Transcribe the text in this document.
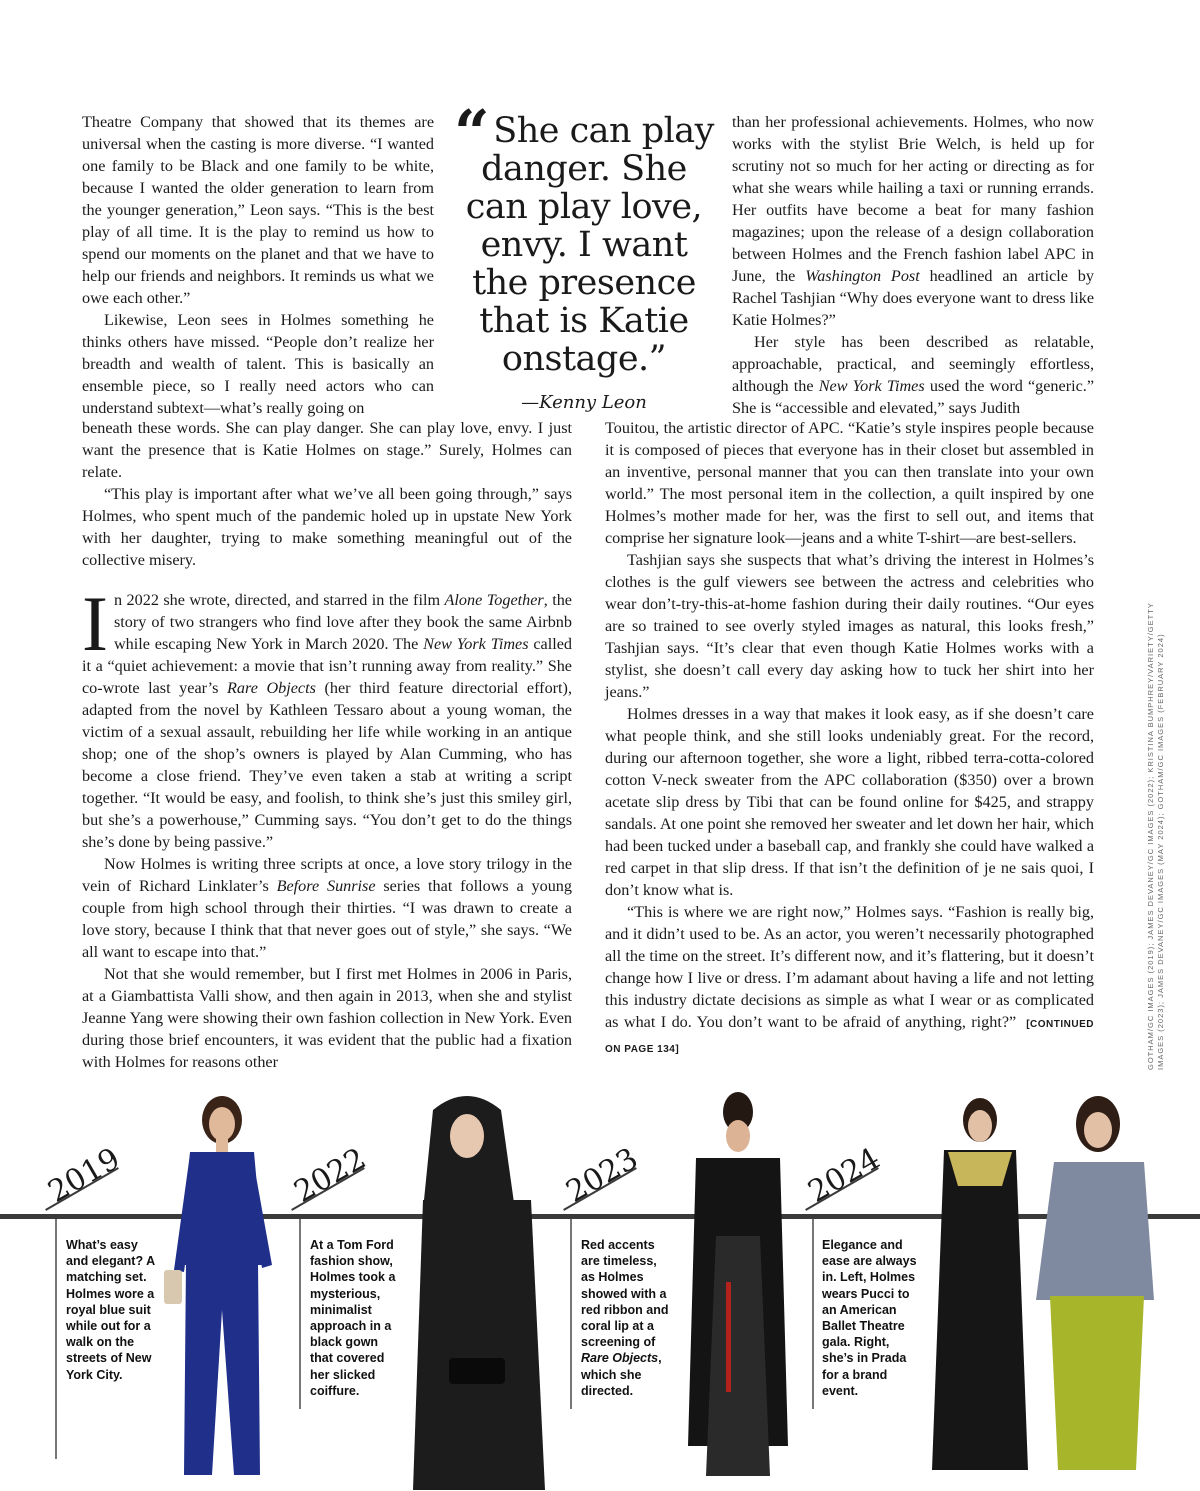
Theatre Company that showed that its themes are universal when the casting is more diverse. “I wanted one family to be Black and one family to be white, because I wanted the older generation to learn from the younger generation,” Leon says. “This is the best play of all time. It is the play to remind us how to spend our moments on the planet and that we have to help our friends and neighbors. It reminds us what we owe each other.”

Likewise, Leon sees in Holmes something he thinks others have missed. “People don’t realize her breadth and wealth of talent. This is basically an ensemble piece, so I really need actors who can understand subtext—what’s really going on

“ She can play danger. She can play love, envy. I want the presence that is Katie onstage.”
—Kenny Leon

beneath these words. She can play danger. She can play love, envy. I just want the presence that is Katie Holmes on stage.” Surely, Holmes can relate.

“This play is important after what we’ve all been going through,” says Holmes, who spent much of the pandemic holed up in upstate New York with her daughter, trying to make something meaningful out of the collective misery.

In 2022 she wrote, directed, and starred in the film Alone Together, the story of two strangers who find love after they book the same Airbnb while escaping New York in March 2020. The New York Times called it a “quiet achievement: a movie that isn’t running away from reality.” She co-wrote last year’s Rare Objects (her third feature directorial effort), adapted from the novel by Kathleen Tessaro about a young woman, the victim of a sexual assault, rebuilding her life while working in an antique shop; one of the shop’s owners is played by Alan Cumming, who has become a close friend. They’ve even taken a stab at writing a script together. “It would be easy, and foolish, to think she’s just this smiley girl, but she’s a powerhouse,” Cumming says. “You don’t get to do the things she’s done by being passive.”

Now Holmes is writing three scripts at once, a love story trilogy in the vein of Richard Linklater’s Before Sunrise series that follows a young couple from high school through their thirties. “I was drawn to create a love story, because I think that that never goes out of style,” she says. “We all want to escape into that.”

Not that she would remember, but I first met Holmes in 2006 in Paris, at a Giambattista Valli show, and then again in 2013, when she and stylist Jeanne Yang were showing their own fashion collection in New York. Even during those brief encounters, it was evident that the public had a fixation with Holmes for reasons other

than her professional achievements. Holmes, who now works with the stylist Brie Welch, is held up for scrutiny not so much for her acting or directing as for what she wears while hailing a taxi or running errands. Her outfits have become a beat for many fashion magazines; upon the release of a design collaboration between Holmes and the French fashion label APC in June, the Washington Post headlined an article by Rachel Tashjian “Why does everyone want to dress like Katie Holmes?”

Her style has been described as relatable, approachable, practical, and seemingly effortless, although the New York Times used the word “generic.” She is “accessible and elevated,” says Judith

Touitou, the artistic director of APC. “Katie’s style inspires people because it is composed of pieces that everyone has in their closet but assembled in an inventive, personal manner that you can then translate into your own world.” The most personal item in the collection, a quilt inspired by one Holmes’s mother made for her, was the first to sell out, and items that comprise her signature look—jeans and a white T-shirt—are best-sellers.

Tashjian says she suspects that what’s driving the interest in Holmes’s clothes is the gulf viewers see between the actress and celebrities who wear don’t-try-this-at-home fashion during their daily routines. “Our eyes are so trained to see overly styled images as natural, this looks fresh,” Tashjian says. “It’s clear that even though Katie Holmes works with a stylist, she doesn’t call every day asking how to tuck her shirt into her jeans.”

Holmes dresses in a way that makes it look easy, as if she doesn’t care what people think, and she still looks undeniably great. For the record, during our afternoon together, she wore a light, ribbed terra-cotta-colored cotton V-neck sweater from the APC collaboration ($350) over a brown acetate slip dress by Tibi that can be found online for $425, and strappy sandals. At one point she removed her sweater and let down her hair, which had been tucked under a baseball cap, and frankly she could have walked a red carpet in that slip dress. If that isn’t the definition of je ne sais quoi, I don’t know what is.

“This is where we are right now,” Holmes says. “Fashion is really big, and it didn’t used to be. As an actor, you weren’t necessarily photographed all the time on the street. It’s different now, and it’s flattering, but it doesn’t change how I live or dress. I’m adamant about having a life and not letting this industry dictate decisions as simple as what I wear or as complicated as what I do. You don’t want to be afraid of anything, right?” [CONTINUED ON PAGE 134]	GOTHAM/GC IMAGES (2019); JAMES DEVANEY/GC IMAGES (2022); KRISTINA BUMPHREY/VARIETY/GETTY IMAGES (2023); JAMES DEVANEY/GC IMAGES (MAY 2024); GOTHAM/GC IMAGES (FEBRUARY 2024)
2019	2022	2023	2024
What’s easy and elegant? A matching set. Holmes wore a royal blue suit while out for a walk on the streets of New York City.
At a Tom Ford fashion show, Holmes took a mysterious, minimalist approach in a black gown that covered her slicked coiffure.
Red accents are timeless, as Holmes showed with a red ribbon and coral lip at a screening of Rare Objects, which she directed.
Elegance and ease are always in. Left, Holmes wears Pucci to an American Ballet Theatre gala. Right, she’s in Prada for a brand event.
